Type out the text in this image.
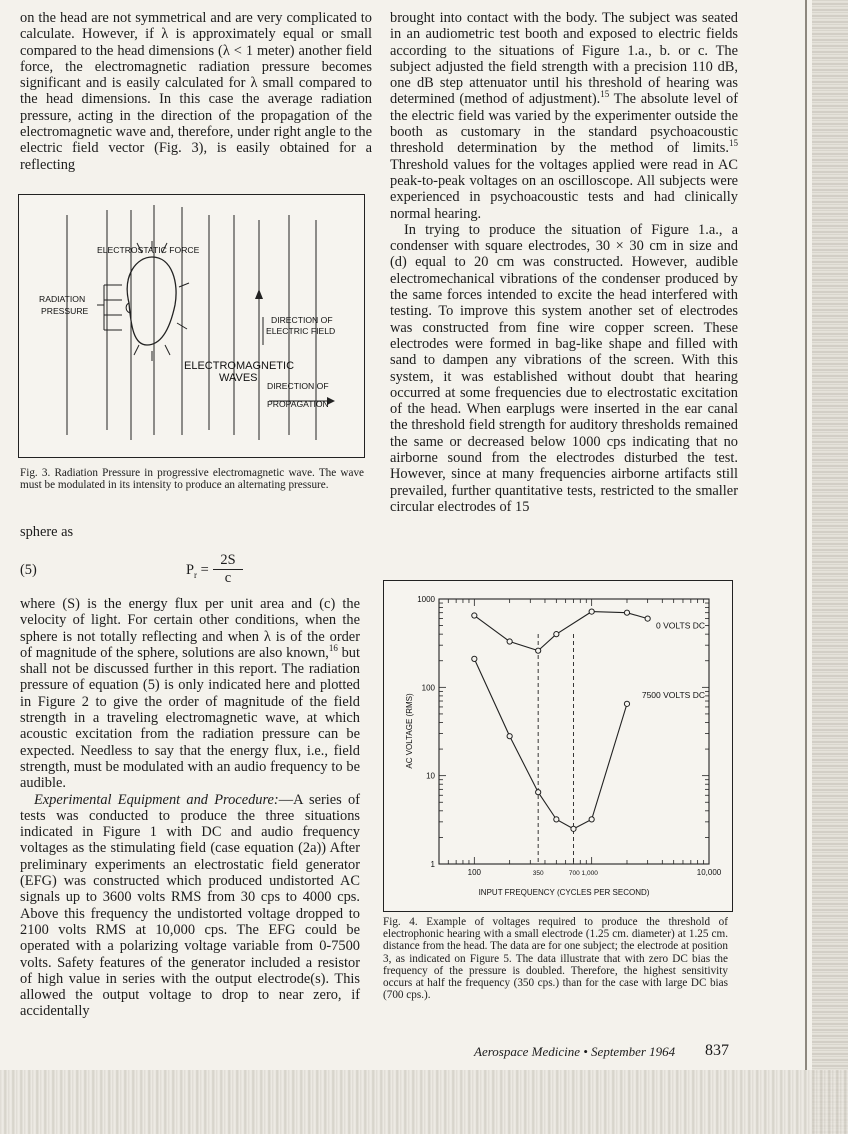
on the head are not symmetrical and are very complicated to calculate. However, if λ is approximately equal or small compared to the head dimensions (λ < 1 meter) another field force, the electromagnetic radiation pressure becomes significant and is easily calculated for λ small compared to the head dimensions. In this case the average radiation pressure, acting in the direction of the propagation of the electromagnetic wave and, therefore, under right angle to the electric field vector (Fig. 3), is easily obtained for a reflecting

ELECTROSTATIC FORCE
RADIATION
PRESSURE
DIRECTION OF
ELECTRIC FIELD
DIRECTION OF
PROPAGATION
ELECTROMAGNETIC
WAVES
Fig. 3. Radiation Pressure in progressive electromagnetic wave. The wave must be modulated in its intensity to produce an alternating pressure.
sphere as
(5)	$P_r = \frac{2S}{c}$

where (S) is the energy flux per unit area and (c) the velocity of light. For certain other conditions, when the sphere is not totally reflecting and when λ is of the order of magnitude of the sphere, solutions are also known,$^{16}$ but shall not be discussed further in this report. The radiation pressure of equation (5) is only indicated here and plotted in Figure 2 to give the order of magnitude of the field strength in a traveling electromagnetic wave, at which acoustic excitation from the radiation pressure can be expected. Needless to say that the energy flux, i.e., field strength, must be modulated with an audio frequency to be audible.

Experimental Equipment and Procedure:—A series of tests was conducted to produce the three situations indicated in Figure 1 with DC and audio frequency voltages as the stimulating field (case equation (2a)) After preliminary experiments an electrostatic field generator (EFG) was constructed which produced undistorted AC signals up to 3600 volts RMS from 30 cps to 4000 cps. Above this frequency the undistorted voltage dropped to 2100 volts RMS at 10,000 cps. The EFG could be operated with a polarizing voltage variable from 0-7500 volts. Safety features of the generator included a resistor of high value in series with the output electrode(s). This allowed the output voltage to drop to near zero, if accidentally

brought into contact with the body. The subject was seated in an audiometric test booth and exposed to electric fields according to the situations of Figure 1.a., b. or c. The subject adjusted the field strength with a precision 110 dB, one dB step attenuator until his threshold of hearing was determined (method of adjustment).$^{15}$ The absolute level of the electric field was varied by the experimenter outside the booth as customary in the standard psychoacoustic threshold determination by the method of limits.$^{15}$ Threshold values for the voltages applied were read in AC peak-to-peak voltages on an oscilloscope. All subjects were experienced in psychoacoustic tests and had clinically normal hearing.

In trying to produce the situation of Figure 1.a., a condenser with square electrodes, 30 × 30 cm in size and (d) equal to 20 cm was constructed. However, audible electromechanical vibrations of the condenser produced by the same forces intended to excite the head interfered with testing. To improve this system another set of electrodes was constructed from fine wire copper screen. These electrodes were formed in bag-like shape and filled with sand to dampen any vibrations of the screen. With this system, it was established without doubt that hearing occurred at some frequencies due to electrostatic excitation of the head. When earplugs were inserted in the ear canal the threshold field strength for auditory thresholds remained the same or decreased below 1000 cps indicating that no airborne sound from the electrodes disturbed the test. However, since at many frequencies airborne artifacts still prevailed, further quantitative tests, restricted to the smaller circular electrodes of 15

1000
100
10
1
100	350	700 1,000	10,000
0 VOLTS DC
7500 VOLTS DC
INPUT FREQUENCY (CYCLES PER SECOND)
AC VOLTAGE (RMS)
Fig. 4. Example of voltages required to produce the threshold of electrophonic hearing with a small electrode (1.25 cm. diameter) at 1.25 cm. distance from the head. The data are for one subject; the electrode at position 3, as indicated on Figure 5. The data illustrate that with zero DC bias the frequency of the pressure is doubled. Therefore, the highest sensitivity occurs at half the frequency (350 cps.) than for the case with large DC bias (700 cps.).
Aerospace Medicine • September 1964 837
